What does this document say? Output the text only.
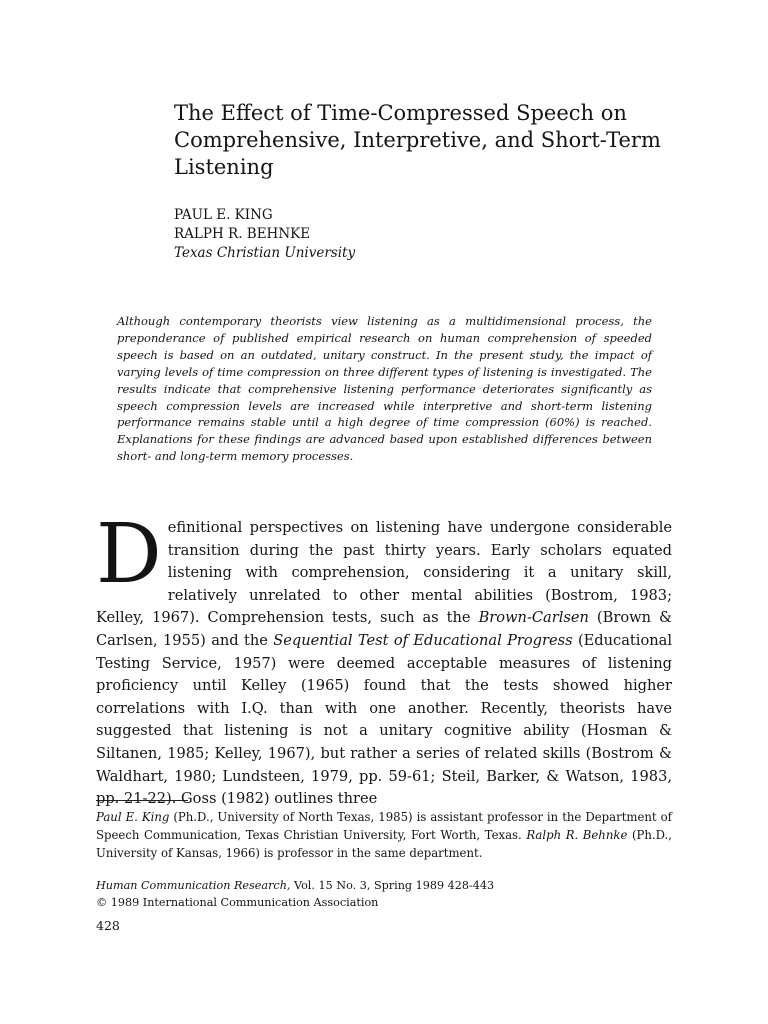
The Effect of Time-Compressed Speech on Comprehensive, Interpretive, and Short-Term Listening
PAUL E. KING
RALPH R. BEHNKE
Texas Christian University

Although contemporary theorists view listening as a multidimensional process, the preponderance of published empirical research on human comprehension of speeded speech is based on an outdated, unitary construct. In the present study, the impact of varying levels of time compression on three different types of listening is investigated. The results indicate that comprehensive listening performance deteriorates significantly as speech compression levels are increased while interpretive and short-term listening performance remains stable until a high degree of time compression (60%) is reached. Explanations for these findings are advanced based upon established differences between short- and long-term memory processes.

Definitional perspectives on listening have undergone considerable transition during the past thirty years. Early scholars equated listening with comprehension, considering it a unitary skill, relatively unrelated to other mental abilities (Bostrom, 1983; Kelley, 1967). Comprehension tests, such as the Brown-Carlsen (Brown & Carlsen, 1955) and the Sequential Test of Educational Progress (Educational Testing Service, 1957) were deemed acceptable measures of listening proficiency until Kelley (1965) found that the tests showed higher correlations with I.Q. than with one another. Recently, theorists have suggested that listening is not a unitary cognitive ability (Hosman & Siltanen, 1985; Kelley, 1967), but rather a series of related skills (Bostrom & Waldhart, 1980; Lundsteen, 1979, pp. 59-61; Steil, Barker, & Watson, 1983, pp. 21-22). Goss (1982) outlines three

Paul E. King (Ph.D., University of North Texas, 1985) is assistant professor in the Department of Speech Communication, Texas Christian University, Fort Worth, Texas. Ralph R. Behnke (Ph.D., University of Kansas, 1966) is professor in the same department.

Human Communication Research, Vol. 15 No. 3, Spring 1989 428-443
© 1989 International Communication Association
428
